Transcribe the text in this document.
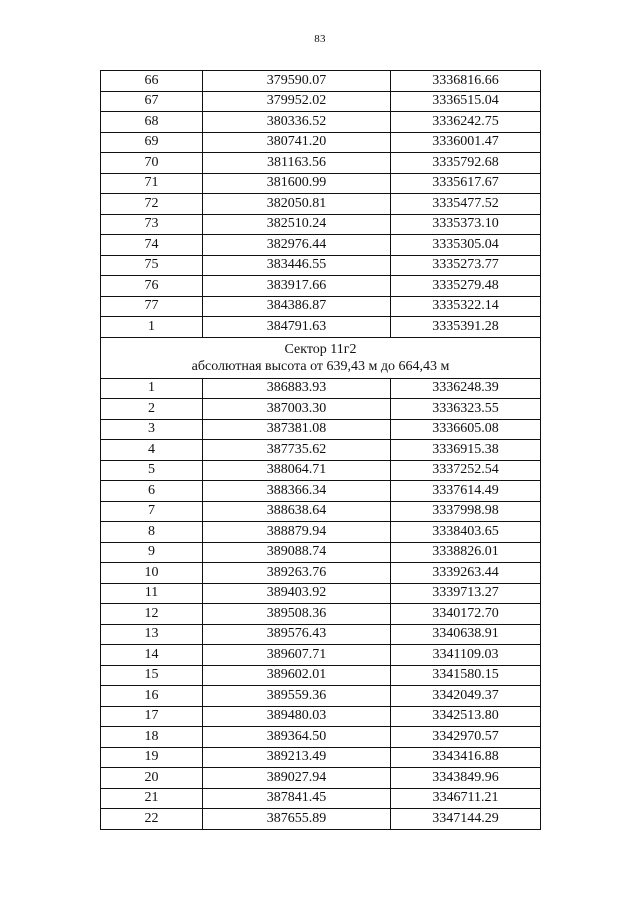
83
66	379590.07	3336816.66
67	379952.02	3336515.04
68	380336.52	3336242.75
69	380741.20	3336001.47
70	381163.56	3335792.68
71	381600.99	3335617.67
72	382050.81	3335477.52
73	382510.24	3335373.10
74	382976.44	3335305.04
75	383446.55	3335273.77
76	383917.66	3335279.48
77	384386.87	3335322.14
1	384791.63	3335391.28

Сектор 11г2
абсолютная высота от 639,43 м до 664,43 м		

1	386883.93	3336248.39
2	387003.30	3336323.55
3	387381.08	3336605.08
4	387735.62	3336915.38
5	388064.71	3337252.54
6	388366.34	3337614.49
7	388638.64	3337998.98
8	388879.94	3338403.65
9	389088.74	3338826.01
10	389263.76	3339263.44
11	389403.92	3339713.27
12	389508.36	3340172.70
13	389576.43	3340638.91
14	389607.71	3341109.03
15	389602.01	3341580.15
16	389559.36	3342049.37
17	389480.03	3342513.80
18	389364.50	3342970.57
19	389213.49	3343416.88
20	389027.94	3343849.96
21	387841.45	3346711.21
22	387655.89	3347144.29
